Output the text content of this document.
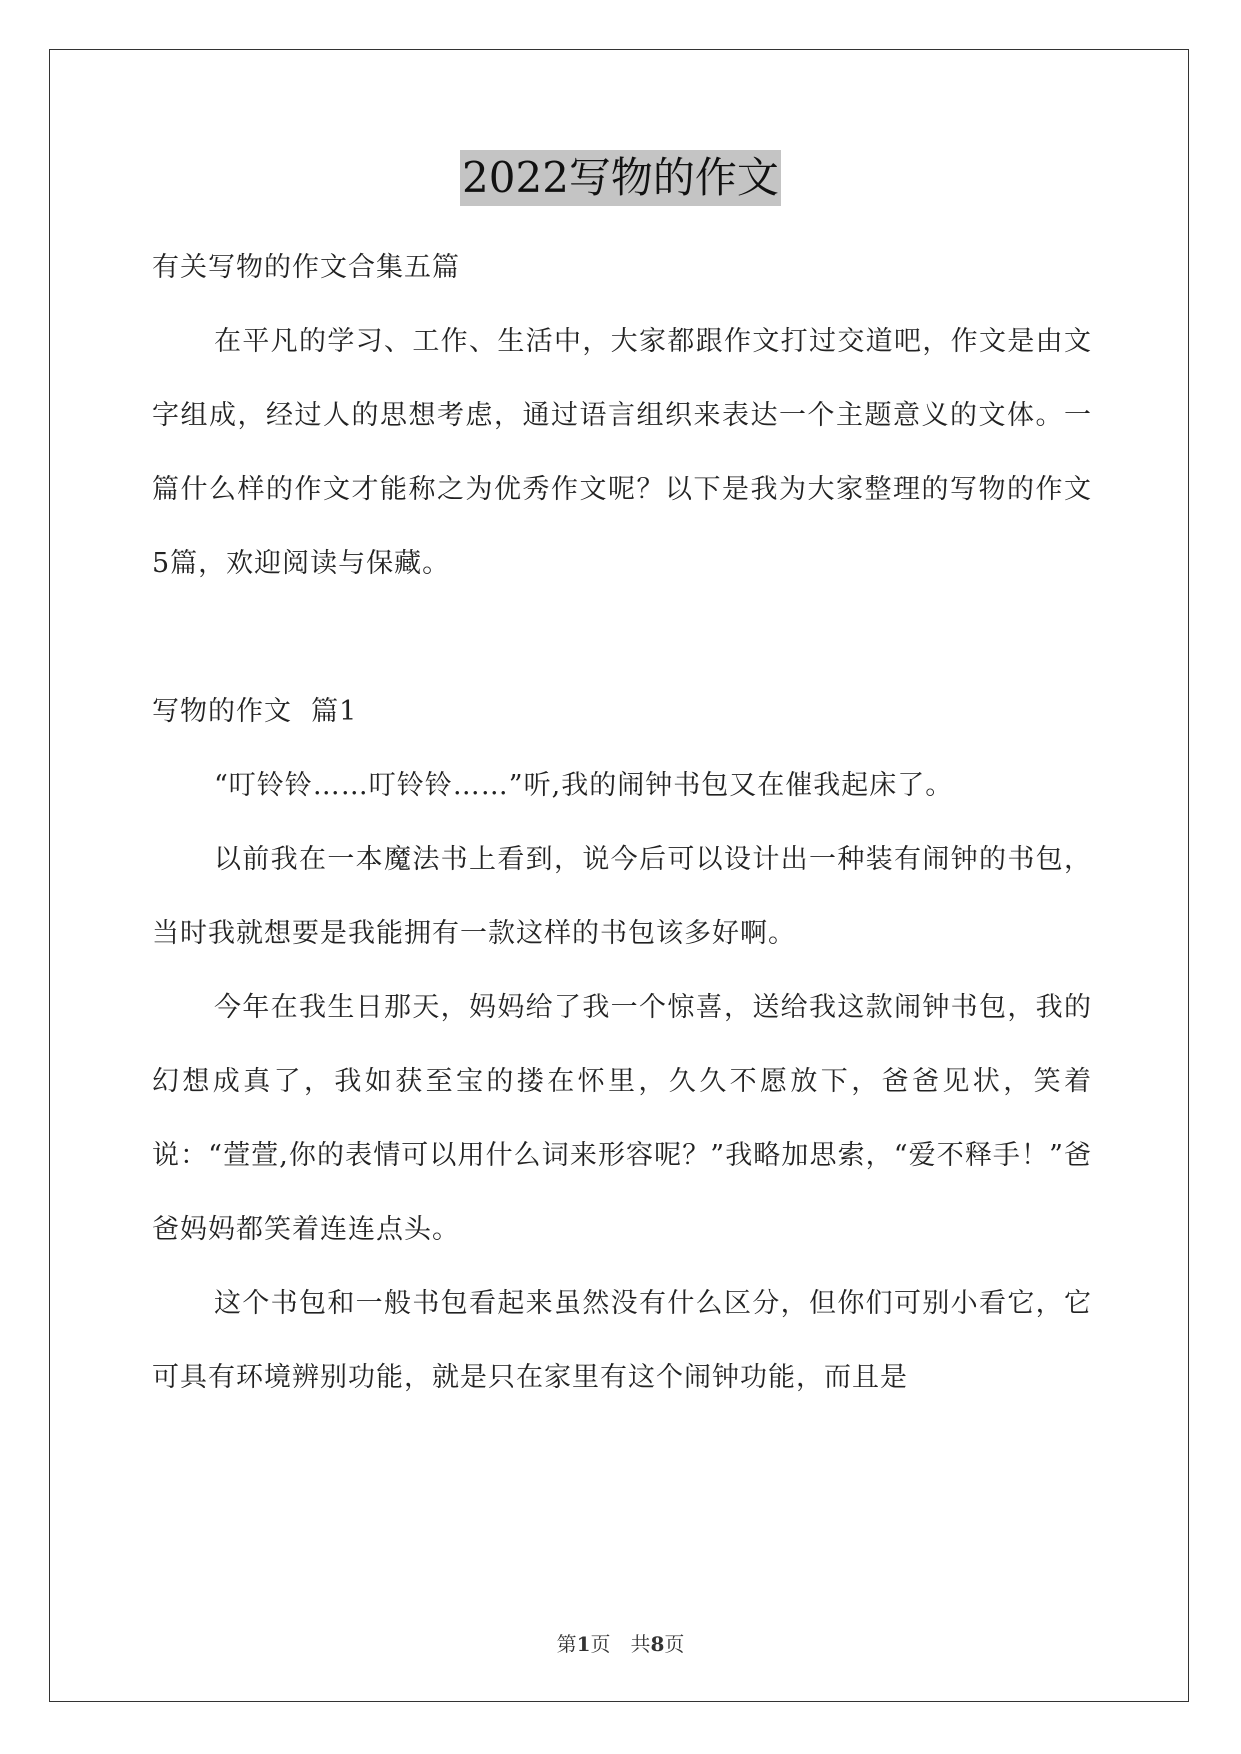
2022写物的作文

有关写物的作文合集五篇

在平凡的学习、工作、生活中，大家都跟作文打过交道吧，作文是由文字组成，经过人的思想考虑，通过语言组织来表达一个主题意义的文体。一篇什么样的作文才能称之为优秀作文呢？以下是我为大家整理的写物的作文5篇，欢迎阅读与保藏。

写物的作文  篇1

“叮铃铃……叮铃铃……”听,我的闹钟书包又在催我起床了。

以前我在一本魔法书上看到，说今后可以设计出一种装有闹钟的书包，当时我就想要是我能拥有一款这样的书包该多好啊。

今年在我生日那天，妈妈给了我一个惊喜，送给我这款闹钟书包，我的幻想成真了，我如获至宝的搂在怀里，久久不愿放下，爸爸见状，笑着说：“萱萱,你的表情可以用什么词来形容呢？”我略加思索，“爱不释手！”爸爸妈妈都笑着连连点头。

这个书包和一般书包看起来虽然没有什么区分，但你们可别小看它，它可具有环境辨别功能，就是只在家里有这个闹钟功能，而且是

第1页 共8页
